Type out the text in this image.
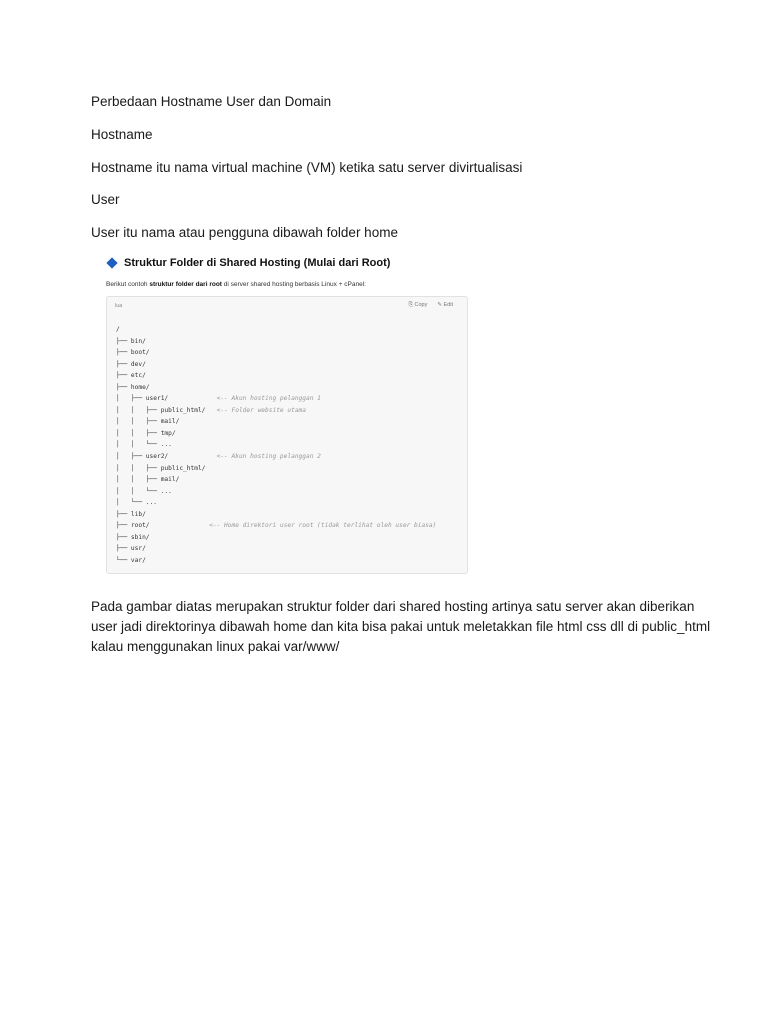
Perbedaan Hostname User dan Domain

Hostname

Hostname itu nama virtual machine (VM) ketika satu server divirtualisasi

User

User itu nama atau pengguna dibawah folder home

Struktur Folder di Shared Hosting (Mulai dari Root)
Berikut contoh struktur folder dari root di server shared hosting berbasis Linux + cPanel:
lua	⎘ Copy ✎ Edit
/
├── bin/
├── boot/
├── dev/
├── etc/
├── home/
│   ├── user1/             <-- Akun hosting pelanggan 1
│   │   ├── public_html/   <-- Folder website utama
│   │   ├── mail/
│   │   ├── tmp/
│   │   └── ...
│   ├── user2/             <-- Akun hosting pelanggan 2
│   │   ├── public_html/
│   │   ├── mail/
│   │   └── ...
│   └── ...
├── lib/
├── root/                <-- Home direktori user root (tidak terlihat oleh user biasa)
├── sbin/
├── usr/
└── var/
Pada gambar diatas merupakan struktur folder dari shared hosting artinya satu server akan diberikan
user jadi direktorinya dibawah home dan kita bisa pakai untuk meletakkan file html css dll di public_html
kalau menggunakan linux pakai var/www/
